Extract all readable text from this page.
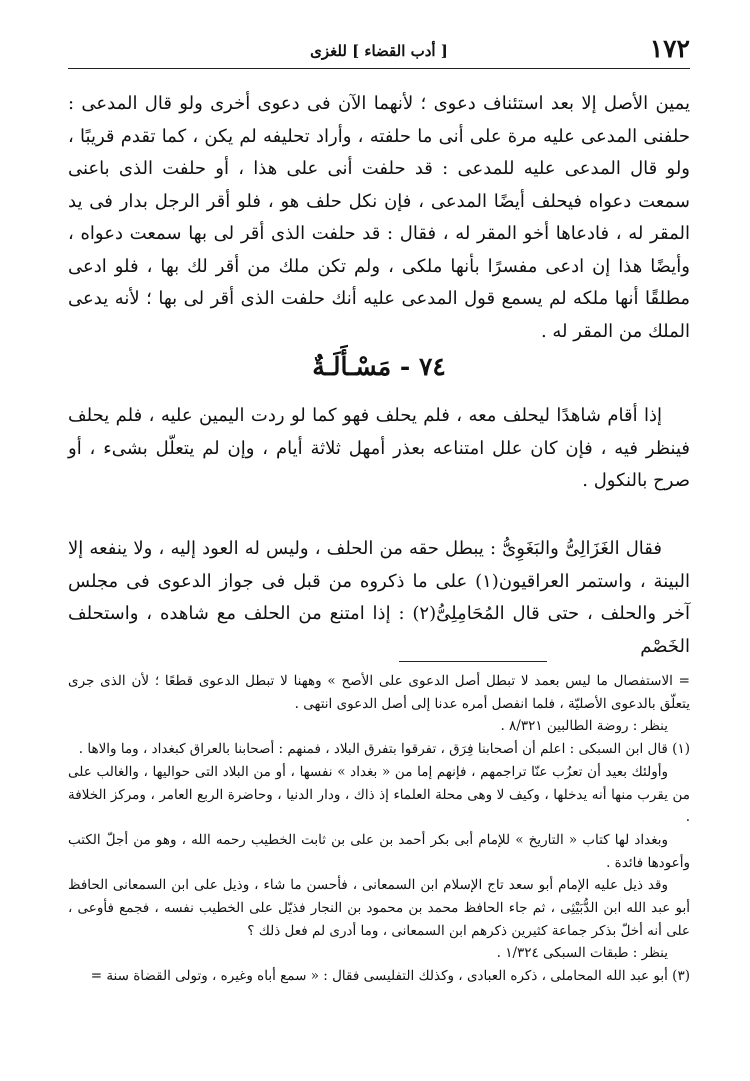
١٧٢
[ أدب القضاء ] للغزى

يمين الأصل إلا بعد استئناف دعوى ؛ لأنهما الآن فى دعوى أخرى ولو قال المدعى : حلفنى المدعى عليه مرة على أنى ما حلفته ، وأراد تحليفه لم يكن ، كما تقدم قريبًا ، ولو قال المدعى عليه للمدعى : قد حلفت أنى على هذا ، أو حلفت الذى باعنى سمعت دعواه فيحلف أيضًا المدعى ، فإن نكل حلف هو ، فلو أقر الرجل بدار فى يد المقر له ، فادعاها أخو المقر له ، فقال : قد حلفت الذى أقر لى بها سمعت دعواه ، وأيضًا هذا إن ادعى مفسرًا بأنها ملكى ، ولم تكن ملك من أقر لك بها ، فلو ادعى مطلقًا أنها ملكه لم يسمع قول المدعى عليه أنك حلفت الذى أقر لى بها ؛ لأنه يدعى الملك من المقر له .

٧٤ - مَسْـأَلَـةٌ

إذا أقام شاهدًا ليحلف معه ، فلم يحلف فهو كما لو ردت اليمين عليه ، فلم يحلف فينظر فيه ، فإن كان علل امتناعه بعذر أمهل ثلاثة أيام ، وإن لم يتعلّل بشىء ، أو صرح بالنكول .

فقال الغَزَالِىُّ والبَغَوِىُّ : يبطل حقه من الحلف ، وليس له العود إليه ، ولا ينفعه إلا البينة ، واستمر العراقيون(١) على ما ذكروه من قبل فى جواز الدعوى فى مجلس آخر والحلف ، حتى قال المُحَامِلِىُّ(٢) : إذا امتنع من الحلف مع شاهده ، واستحلف الخَصْم

= الاستفصال ما ليس بعمد لا تبطل أصل الدعوى على الأصح » وههنا لا تبطل الدعوى قطعًا ؛ لأن الذى جرى يتعلّق بالدعوى الأصليّة ، فلما انفصل أمره عدنا إلى أصل الدعوى انتهى .

ينظر : روضة الطالبين ٨/٣٢١ .

(١) قال ابن السبكى : اعلم أن أصحابنا فِرَق ، تفرقوا بتفرق البلاد ، فمنهم : أصحابنا بالعراق كبغداد ، وما والاها .

وأولئك بعيد أن تعزُب عنّا تراجمهم ، فإنهم إما من « بغداد » نفسها ، أو من البلاد التى حواليها ، والغالب على من يقرب منها أنه يدخلها ، وكيف لا وهى محلة العلماء إذ ذاك ، ودار الدنيا ، وحاضرة الربع العامر ، ومركز الخلافة .

وبغداد لها كتاب « التاريخ » للإمام أبى بكر أحمد بن على بن ثابت الخطيب رحمه الله ، وهو من أجلّ الكتب وأعودها فائدة .

وقد ذيل عليه الإمام أبو سعد تاج الإسلام ابن السمعانى ، فأحسن ما شاء ، وذيل على ابن السمعانى الحافظ أبو عبد الله ابن الدُّبَيْثِى ، ثم جاء الحافظ محمد بن محمود بن النجار فذيّل على الخطيب نفسه ، فجمع فأوعى ، على أنه أخلّ بذكر جماعة كثيرين ذكرهم ابن السمعانى ، وما أدرى لم فعل ذلك ؟

ينظر : طبقات السبكى ١/٣٢٤ .

(٣) أبو عبد الله المحاملى ، ذكره العبادى ، وكذلك التفليسى فقال : « سمع أباه وغيره ، وتولى القضاة سنة =
